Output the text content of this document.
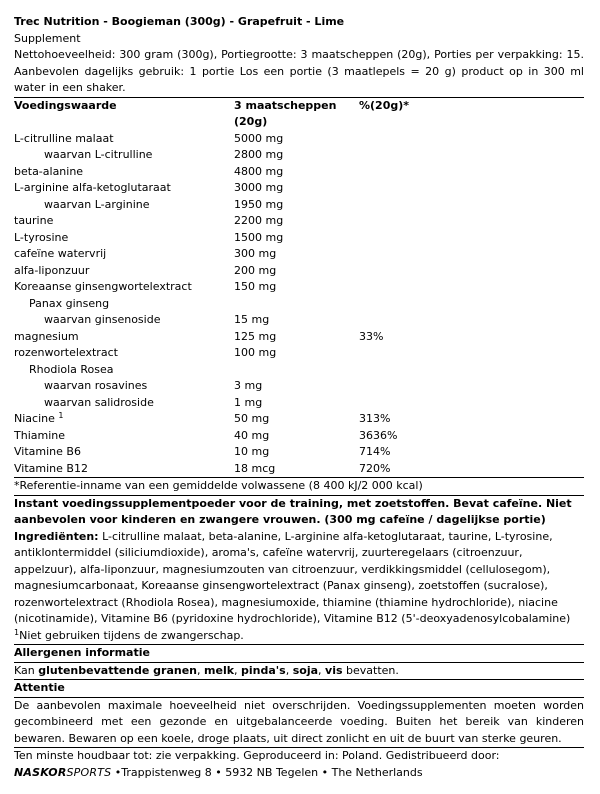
Trec Nutrition - Boogieman (300g) - Grapefruit - Lime
Supplement
Nettohoeveelheid: 300 gram (300g), Portiegrootte: 3 maatscheppen (20g), Porties per verpakking: 15. Aanbevolen dagelijks gebruik: 1 portie Los een portie (3 maatlepels = 20 g) product op in 300 ml water in een shaker.
Voedingswaarde	3 maatscheppen (20g)	%(20g)*
L-citrulline malaat	5000 mg	
waarvan L-citrulline	2800 mg	
beta-alanine	4800 mg	
L-arginine alfa-ketoglutaraat	3000 mg	
waarvan L-arginine	1950 mg	
taurine	2200 mg	
L-tyrosine	1500 mg	
cafeïne watervrij	300 mg	
alfa-liponzuur	200 mg	
Koreaanse ginsengwortelextract	150 mg	
Panax ginseng		
waarvan ginsenoside	15 mg	
magnesium	125 mg	33%
rozenwortelextract	100 mg	
Rhodiola Rosea		
waarvan rosavines	3 mg	
waarvan salidroside	1 mg	
Niacine $^1$	50 mg	313%
Thiamine	40 mg	3636%
Vitamine B6	10 mg	714%
Vitamine B12	18 mcg	720%
*Referentie-inname van een gemiddelde volwassene (8 400 kJ/2 000 kcal)
Instant voedingssupplementpoeder voor de training, met zoetstoffen. Bevat cafeïne. Niet aanbevolen voor kinderen en zwangere vrouwen. (300 mg cafeïne / dagelijkse portie)
Ingrediënten: L-citrulline malaat, beta-alanine, L-arginine alfa-ketoglutaraat, taurine, L-tyrosine, antiklontermiddel (siliciumdioxide), aroma's, cafeïne watervrij, zuurteregelaars (citroenzuur, appelzuur), alfa-liponzuur, magnesiumzouten van citroenzuur, verdikkingsmiddel (cellulosegom), magnesiumcarbonaat, Koreaanse ginsengwortelextract (Panax ginseng), zoetstoffen (sucralose), rozenwortelextract (Rhodiola Rosea), magnesiumoxide, thiamine (thiamine hydrochloride), niacine (nicotinamide), Vitamine B6 (pyridoxine hydrochloride), Vitamine B12 (5'-deoxyadenosylcobalamine)
$^1$Niet gebruiken tijdens de zwangerschap.
Allergenen informatie
Kan glutenbevattende granen, melk, pinda's, soja, vis bevatten.
Attentie
De aanbevolen maximale hoeveelheid niet overschrijden. Voedingssupplementen moeten worden gecombineerd met een gezonde en uitgebalanceerde voeding. Buiten het bereik van kinderen bewaren. Bewaren op een koele, droge plaats, uit direct zonlicht en uit de buurt van sterke geuren.
Ten minste houdbaar tot: zie verpakking. Geproduceerd in: Poland. Gedistribueerd door:
NASKORSPORTS •Trappistenweg 8 • 5932 NB Tegelen • The Netherlands
